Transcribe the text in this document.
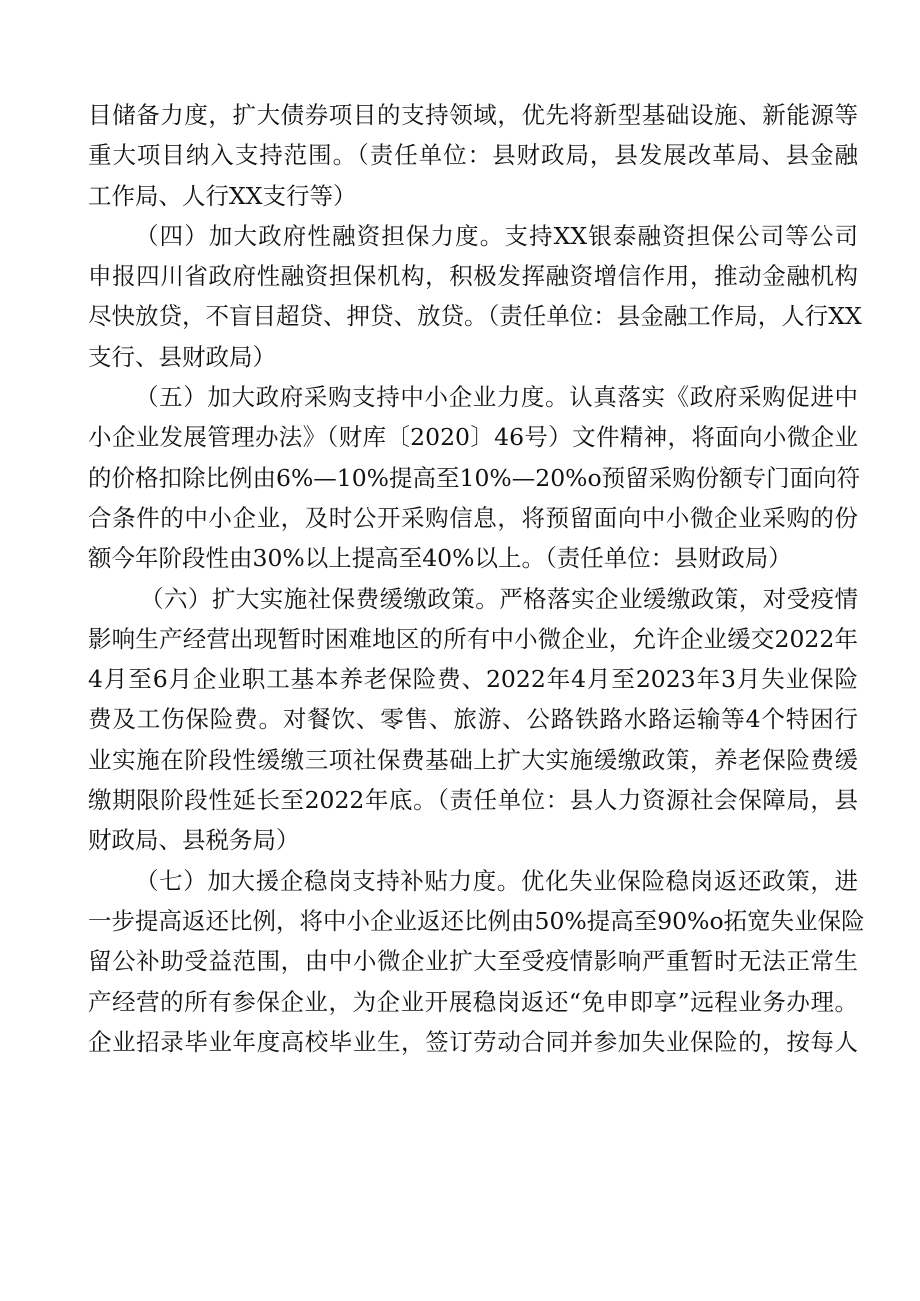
目储备力度，扩大债券项目的支持领域，优先将新型基础设施、新能源等
重大项目纳入支持范围。（责任单位：县财政局，县发展改革局、县金融
工作局、人行XX支行等）
（四）加大政府性融资担保力度。支持XX银泰融资担保公司等公司
申报四川省政府性融资担保机构，积极发挥融资增信作用，推动金融机构
尽快放贷，不盲目超贷、押贷、放贷。（责任单位：县金融工作局，人行XX
支行、县财政局）
（五）加大政府采购支持中小企业力度。认真落实《政府采购促进中
小企业发展管理办法》（财库〔2020〕46号）文件精神，将面向小微企业
的价格扣除比例由6%—10%提高至10%—20%o预留采购份额专门面向符
合条件的中小企业，及时公开采购信息，将预留面向中小微企业采购的份
额今年阶段性由30%以上提高至40%以上。（责任单位：县财政局）
（六）扩大实施社保费缓缴政策。严格落实企业缓缴政策，对受疫情
影响生产经营出现暂时困难地区的所有中小微企业，允许企业缓交2022年
4月至6月企业职工基本养老保险费、2022年4月至2023年3月失业保险
费及工伤保险费。对餐饮、零售、旅游、公路铁路水路运输等4个特困行
业实施在阶段性缓缴三项社保费基础上扩大实施缓缴政策，养老保险费缓
缴期限阶段性延长至2022年底。（责任单位：县人力资源社会保障局，县
财政局、县税务局）
（七）加大援企稳岗支持补贴力度。优化失业保险稳岗返还政策，进
一步提高返还比例，将中小企业返还比例由50%提高至90%o拓宽失业保险
留公补助受益范围，由中小微企业扩大至受疫情影响严重暂时无法正常生
产经营的所有参保企业，为企业开展稳岗返还“免申即享”远程业务办理。
企业招录毕业年度高校毕业生，签订劳动合同并参加失业保险的，按每人
